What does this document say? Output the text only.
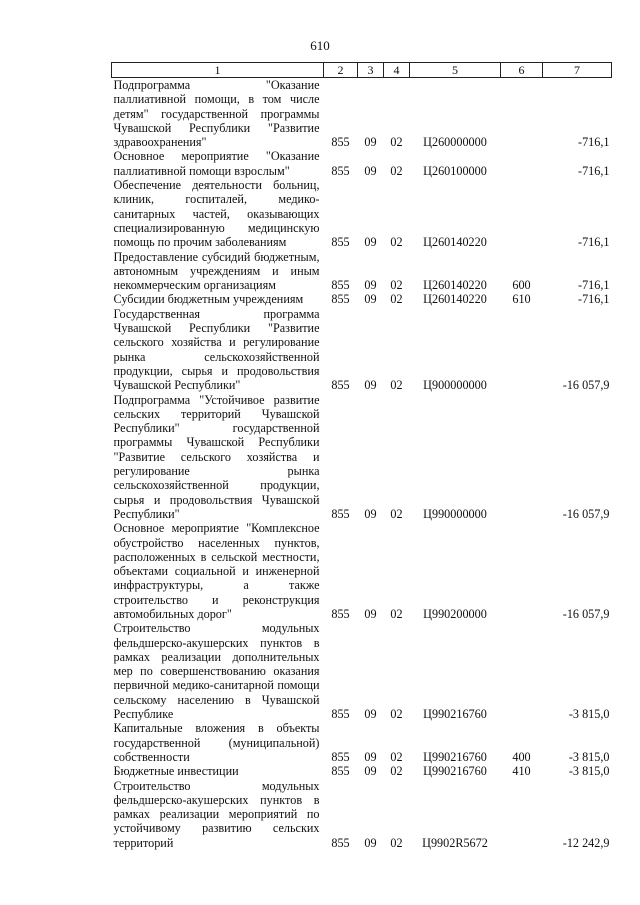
610
1	2	3	4	5	6	7
Подпрограмма "Оказание паллиативной помощи, в том числе детям" государственной программы Чувашской Республики "Развитие здравоохранения"	855	09	02	Ц260000000		-716,1
Основное мероприятие "Оказание паллиативной помощи взрослым"	855	09	02	Ц260100000		-716,1
Обеспечение деятельности больниц, клиник, госпиталей, медико-санитарных частей, оказывающих специализированную медицинскую помощь по прочим заболеваниям	855	09	02	Ц260140220		-716,1
Предоставление субсидий бюджетным, автономным учреждениям и иным некоммерческим организациям	855	09	02	Ц260140220	600	-716,1
Субсидии бюджетным учреждениям	855	09	02	Ц260140220	610	-716,1
Государственная программа Чувашской Республики "Развитие сельского хозяйства и регулирование рынка сельскохозяйственной продукции, сырья и продовольствия Чувашской Республики"	855	09	02	Ц900000000		-16 057,9
Подпрограмма "Устойчивое развитие сельских территорий Чувашской Республики" государственной программы Чувашской Республики "Развитие сельского хозяйства и регулирование рынка сельскохозяйственной продукции, сырья и продовольствия Чувашской Республики"	855	09	02	Ц990000000		-16 057,9
Основное мероприятие "Комплексное обустройство населенных пунктов, расположенных в сельской местности, объектами социальной и инженерной инфраструктуры, а также строительство и реконструкция автомобильных дорог"	855	09	02	Ц990200000		-16 057,9
Строительство модульных фельдшерско-акушерских пунктов в рамках реализации дополнительных мер по совершенствованию оказания первичной медико-санитарной помощи сельскому населению в Чувашской Республике	855	09	02	Ц990216760		-3 815,0
Капитальные вложения в объекты государственной (муниципальной) собственности	855	09	02	Ц990216760	400	-3 815,0
Бюджетные инвестиции	855	09	02	Ц990216760	410	-3 815,0
Строительство модульных фельдшерско-акушерских пунктов в рамках реализации мероприятий по устойчивому развитию сельских территорий	855	09	02	Ц9902R5672		-12 242,9
